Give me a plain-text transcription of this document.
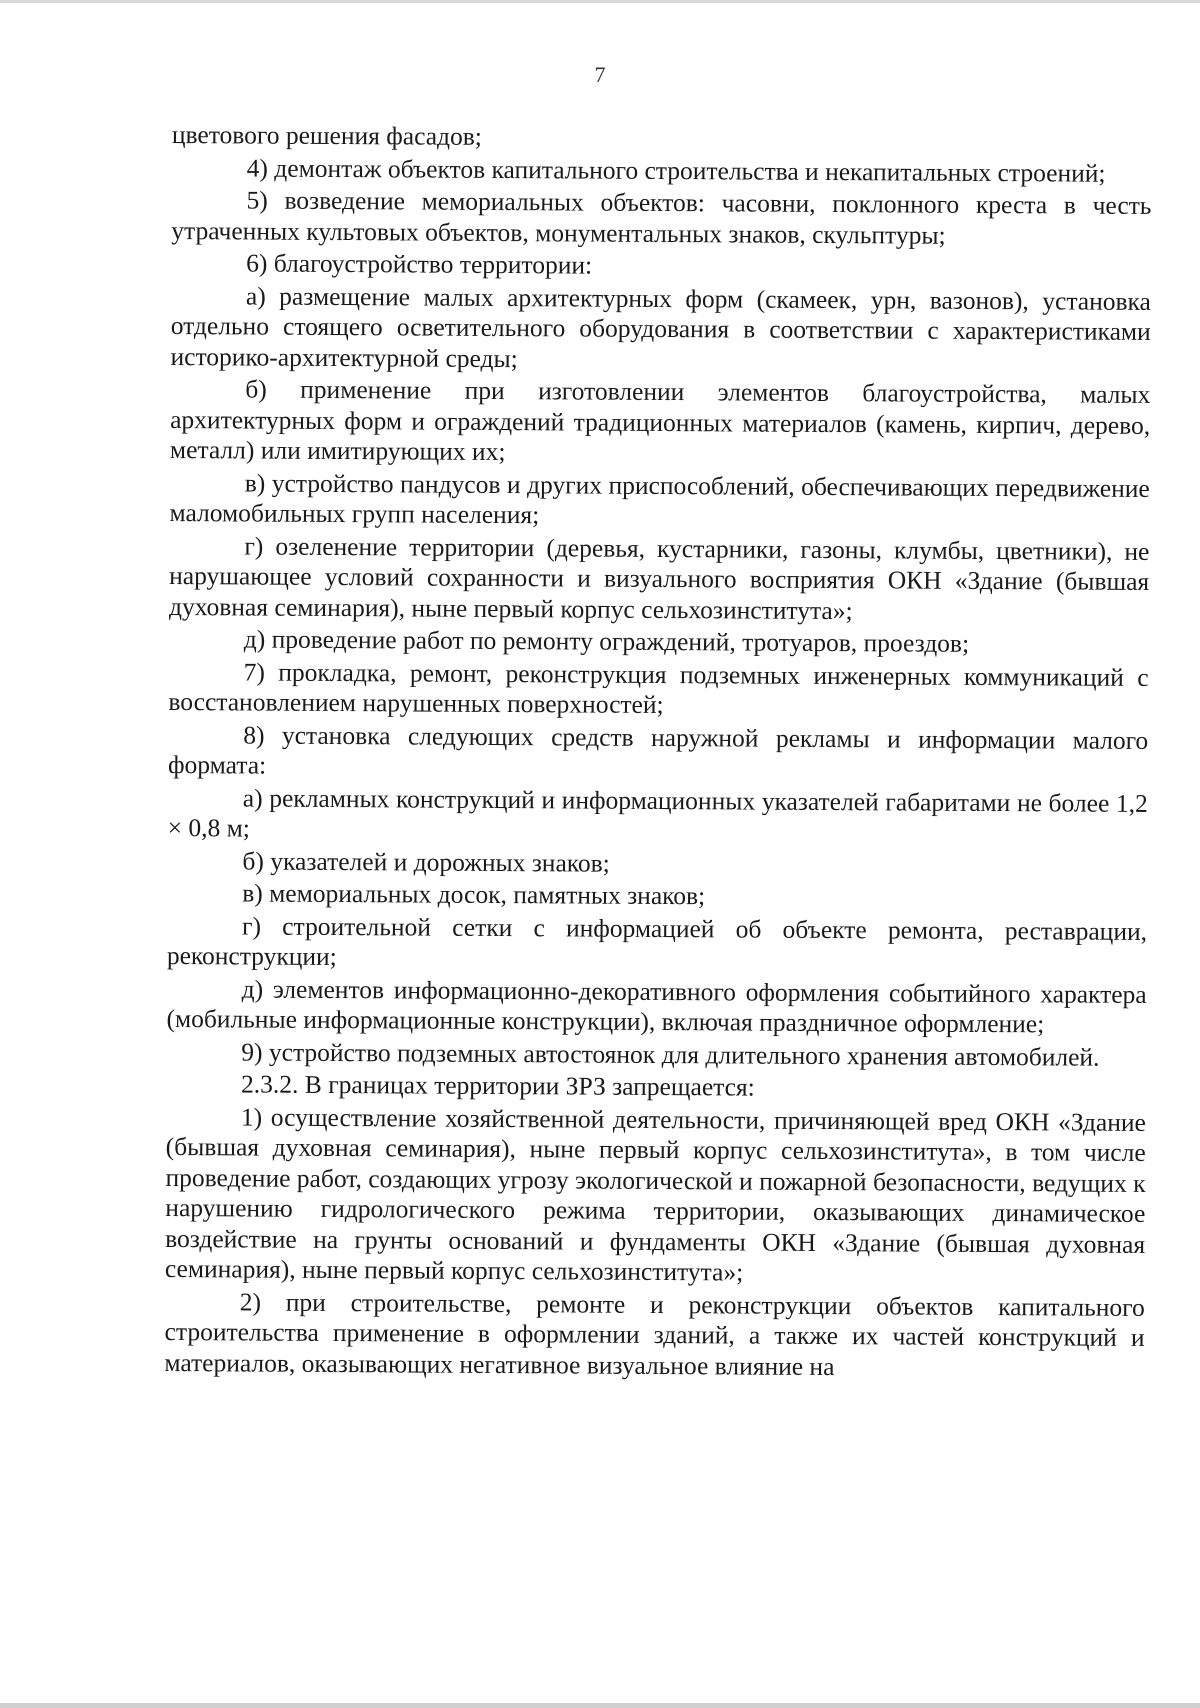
7

цветового решения фасадов;

4) демонтаж объектов капитального строительства и некапитальных строений;

5) возведение мемориальных объектов: часовни, поклонного креста в честь утраченных культовых объектов, монументальных знаков, скульптуры;

6) благоустройство территории:

а) размещение малых архитектурных форм (скамеек, урн, вазонов), установка отдельно стоящего осветительного оборудования в соответствии с характеристиками историко-архитектурной среды;

б) применение при изготовлении элементов благоустройства, малых архитектурных форм и ограждений традиционных материалов (камень, кирпич, дерево, металл) или имитирующих их;

в) устройство пандусов и других приспособлений, обеспечивающих передвижение маломобильных групп населения;

г) озеленение территории (деревья, кустарники, газоны, клумбы, цветники), не нарушающее условий сохранности и визуального восприятия ОКН «Здание (бывшая духовная семинария), ныне первый корпус сельхозинститута»;

д) проведение работ по ремонту ограждений, тротуаров, проездов;

7) прокладка, ремонт, реконструкция подземных инженерных коммуникаций с восстановлением нарушенных поверхностей;

8) установка следующих средств наружной рекламы и информации малого формата:

а) рекламных конструкций и информационных указателей габаритами не более 1,2 × 0,8 м;

б) указателей и дорожных знаков;

в) мемориальных досок, памятных знаков;

г) строительной сетки с информацией об объекте ремонта, реставрации, реконструкции;

д) элементов информационно-декоративного оформления событийного характера (мобильные информационные конструкции), включая праздничное оформление;

9) устройство подземных автостоянок для длительного хранения автомобилей.

2.3.2. В границах территории ЗРЗ запрещается:

1) осуществление хозяйственной деятельности, причиняющей вред ОКН «Здание (бывшая духовная семинария), ныне первый корпус сельхозинститута», в том числе проведение работ, создающих угрозу экологической и пожарной безопасности, ведущих к нарушению гидрологического режима территории, оказывающих динамическое воздействие на грунты оснований и фундаменты ОКН «Здание (бывшая духовная семинария), ныне первый корпус сельхозинститута»;

2) при строительстве, ремонте и реконструкции объектов капитального строительства применение в оформлении зданий, а также их частей конструкций и материалов, оказывающих негативное визуальное влияние на
